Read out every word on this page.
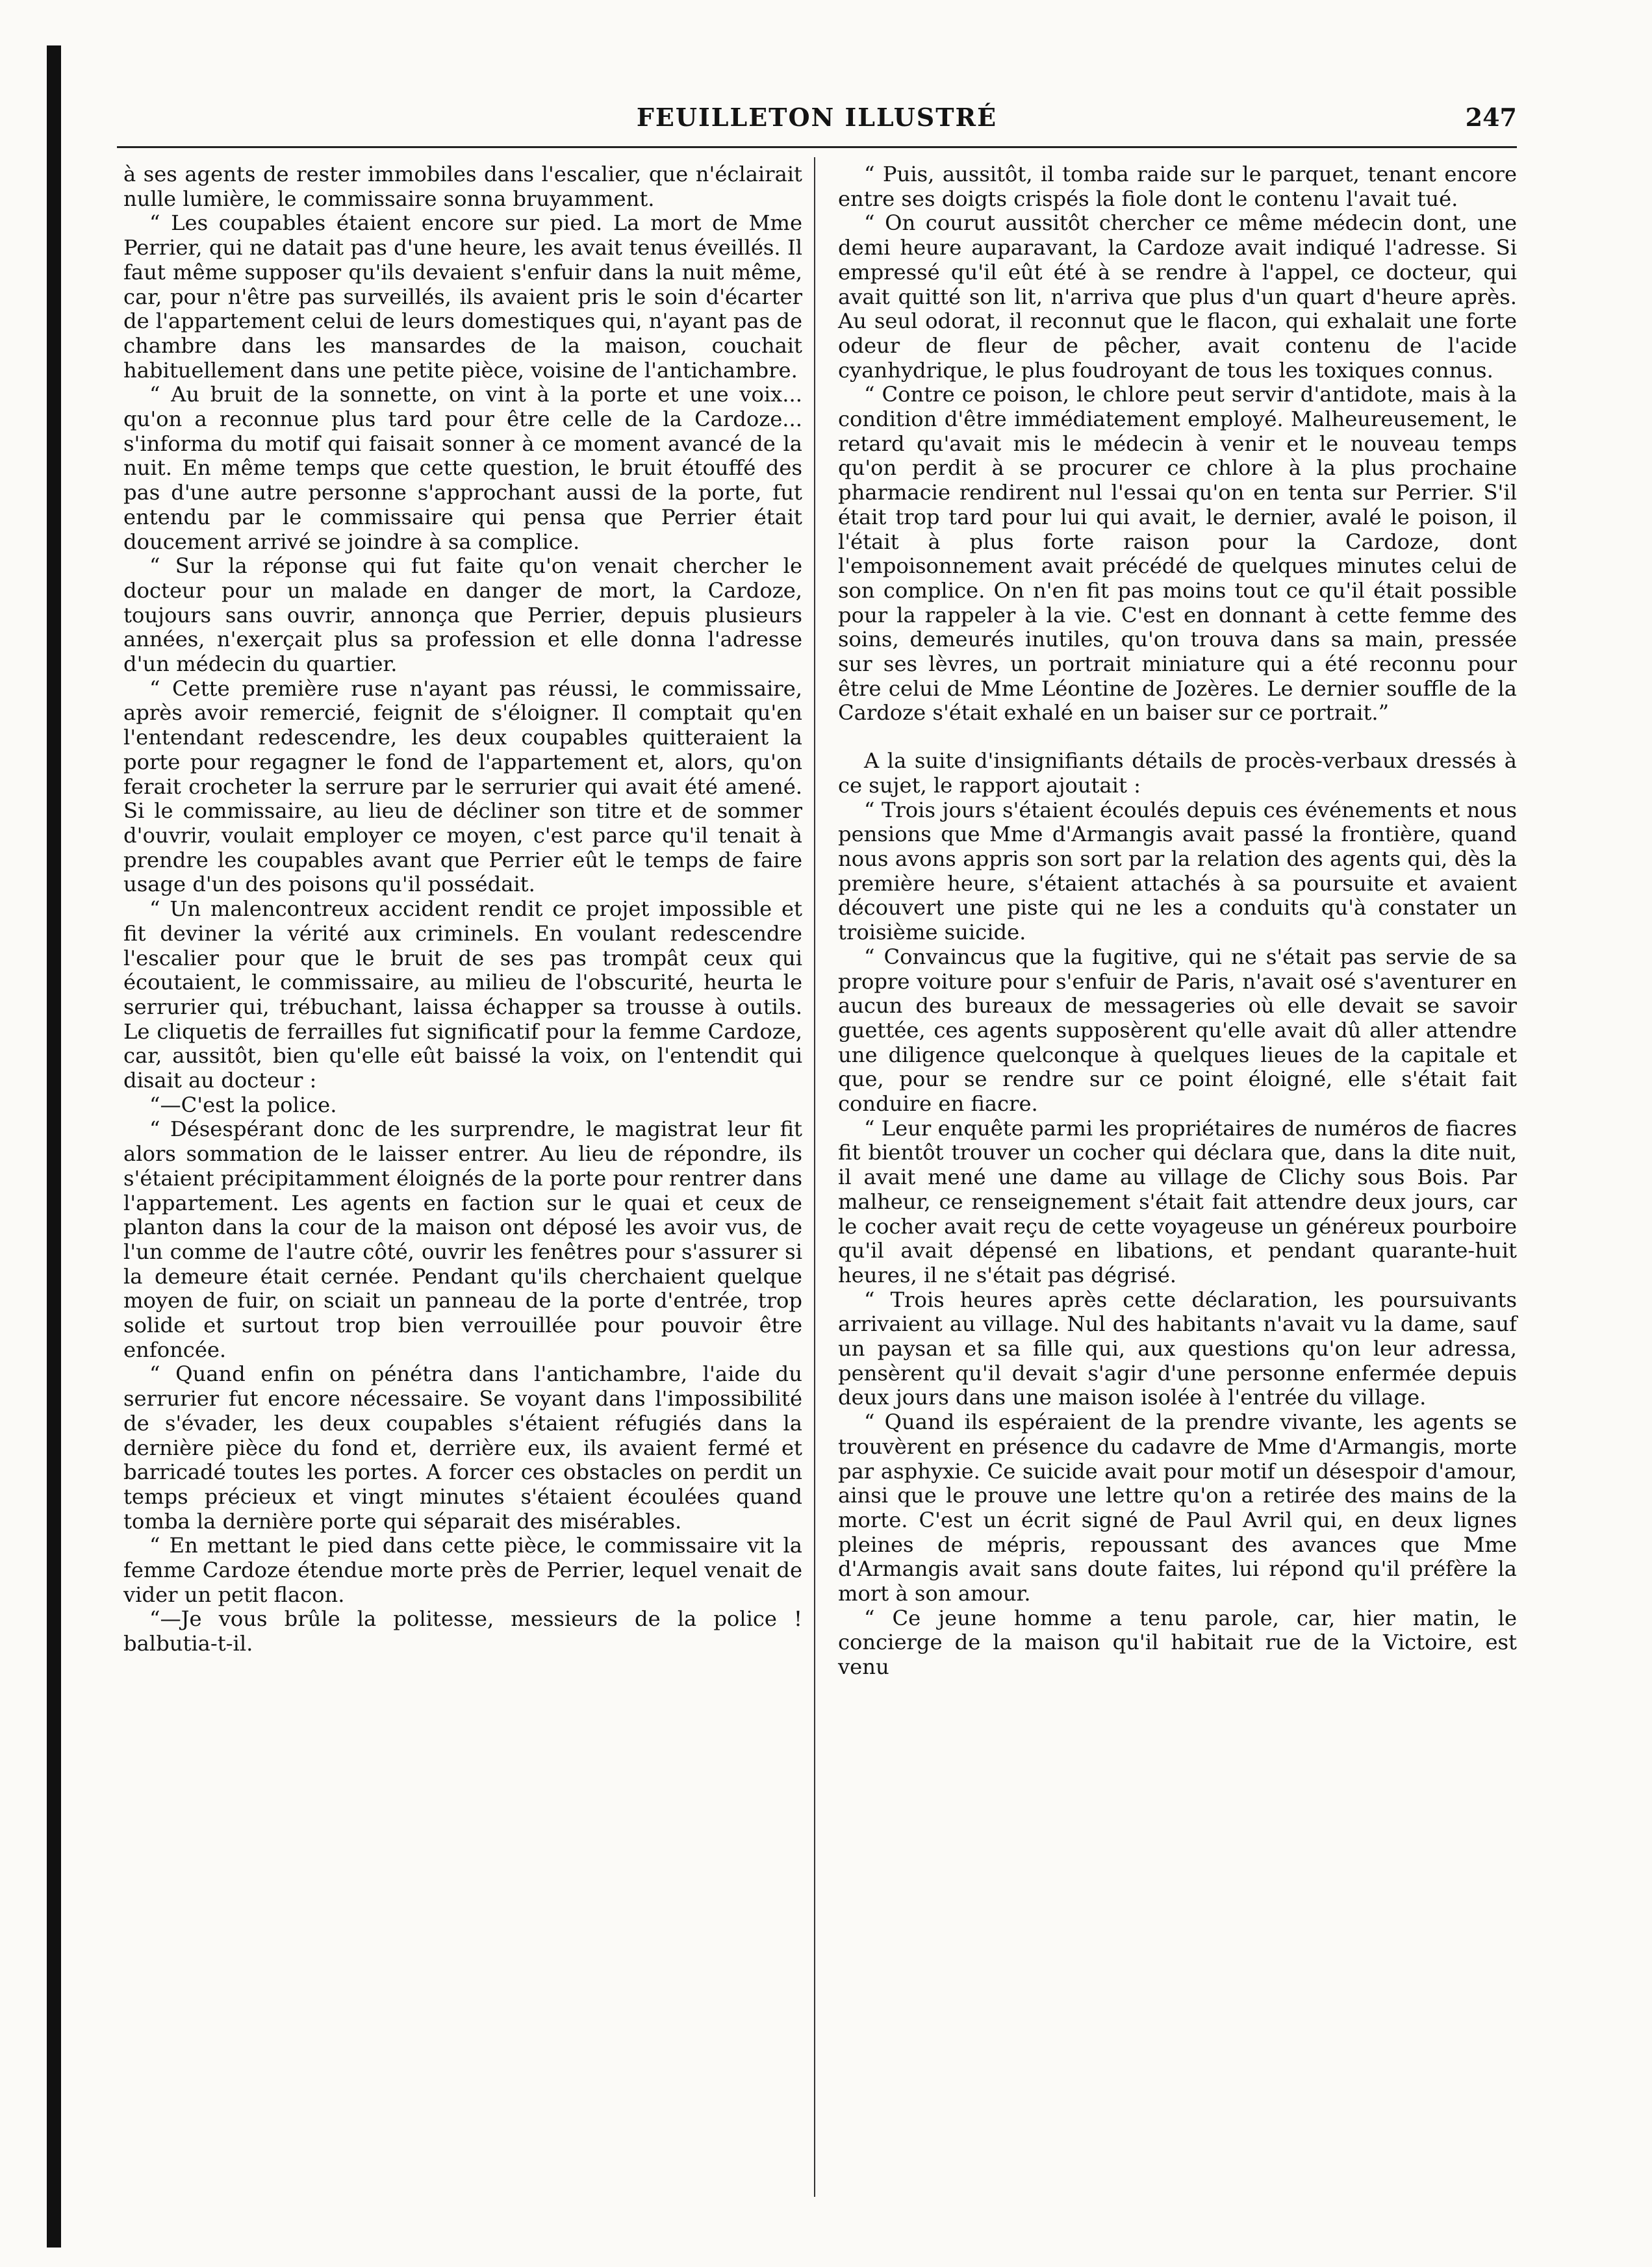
FEUILLETON ILLUSTRÉ	247

à ses agents de rester immobiles dans l'escalier, que n'éclairait nulle lumière, le commissaire sonna bruyamment.

“ Les coupables étaient encore sur pied. La mort de Mme Perrier, qui ne datait pas d'une heure, les avait tenus éveillés. Il faut même supposer qu'ils devaient s'enfuir dans la nuit même, car, pour n'être pas surveillés, ils avaient pris le soin d'écarter de l'appartement celui de leurs domestiques qui, n'ayant pas de chambre dans les mansardes de la maison, couchait habituellement dans une petite pièce, voisine de l'antichambre.

“ Au bruit de la sonnette, on vint à la porte et une voix... qu'on a reconnue plus tard pour être celle de la Cardoze... s'informa du motif qui faisait sonner à ce moment avancé de la nuit. En même temps que cette question, le bruit étouffé des pas d'une autre personne s'approchant aussi de la porte, fut entendu par le commissaire qui pensa que Perrier était doucement arrivé se joindre à sa complice.

“ Sur la réponse qui fut faite qu'on venait chercher le docteur pour un malade en danger de mort, la Cardoze, toujours sans ouvrir, annonça que Perrier, depuis plusieurs années, n'exerçait plus sa profession et elle donna l'adresse d'un médecin du quartier.

“ Cette première ruse n'ayant pas réussi, le commissaire, après avoir remercié, feignit de s'éloigner. Il comptait qu'en l'entendant redescendre, les deux coupables quitteraient la porte pour regagner le fond de l'appartement et, alors, qu'on ferait crocheter la serrure par le serrurier qui avait été amené. Si le commissaire, au lieu de décliner son titre et de sommer d'ouvrir, voulait employer ce moyen, c'est parce qu'il tenait à prendre les coupables avant que Perrier eût le temps de faire usage d'un des poisons qu'il possédait.

“ Un malencontreux accident rendit ce projet impossible et fit deviner la vérité aux criminels. En voulant redescendre l'escalier pour que le bruit de ses pas trompât ceux qui écoutaient, le commissaire, au milieu de l'obscurité, heurta le serrurier qui, trébuchant, laissa échapper sa trousse à outils. Le cliquetis de ferrailles fut significatif pour la femme Cardoze, car, aussitôt, bien qu'elle eût baissé la voix, on l'entendit qui disait au docteur :

“—C'est la police.

“ Désespérant donc de les surprendre, le magistrat leur fit alors sommation de le laisser entrer. Au lieu de répondre, ils s'étaient précipitamment éloignés de la porte pour rentrer dans l'appartement. Les agents en faction sur le quai et ceux de planton dans la cour de la maison ont déposé les avoir vus, de l'un comme de l'autre côté, ouvrir les fenêtres pour s'assurer si la demeure était cernée. Pendant qu'ils cherchaient quelque moyen de fuir, on sciait un panneau de la porte d'entrée, trop solide et surtout trop bien verrouillée pour pouvoir être enfoncée.

“ Quand enfin on pénétra dans l'antichambre, l'aide du serrurier fut encore nécessaire. Se voyant dans l'impossibilité de s'évader, les deux coupables s'étaient réfugiés dans la dernière pièce du fond et, derrière eux, ils avaient fermé et barricadé toutes les portes. A forcer ces obstacles on perdit un temps précieux et vingt minutes s'étaient écoulées quand tomba la dernière porte qui séparait des misérables.

“ En mettant le pied dans cette pièce, le commissaire vit la femme Cardoze étendue morte près de Perrier, lequel venait de vider un petit flacon.

“—Je vous brûle la politesse, messieurs de la police ! balbutia-t-il.

“ Puis, aussitôt, il tomba raide sur le parquet, tenant encore entre ses doigts crispés la fiole dont le contenu l'avait tué.

“ On courut aussitôt chercher ce même médecin dont, une demi heure auparavant, la Cardoze avait indiqué l'adresse. Si empressé qu'il eût été à se rendre à l'appel, ce docteur, qui avait quitté son lit, n'arriva que plus d'un quart d'heure après. Au seul odorat, il reconnut que le flacon, qui exhalait une forte odeur de fleur de pêcher, avait contenu de l'acide cyanhydrique, le plus foudroyant de tous les toxiques connus.

“ Contre ce poison, le chlore peut servir d'antidote, mais à la condition d'être immédiatement employé. Malheureusement, le retard qu'avait mis le médecin à venir et le nouveau temps qu'on perdit à se procurer ce chlore à la plus prochaine pharmacie rendirent nul l'essai qu'on en tenta sur Perrier. S'il était trop tard pour lui qui avait, le dernier, avalé le poison, il l'était à plus forte raison pour la Cardoze, dont l'empoisonnement avait précédé de quelques minutes celui de son complice. On n'en fit pas moins tout ce qu'il était possible pour la rappeler à la vie. C'est en donnant à cette femme des soins, demeurés inutiles, qu'on trouva dans sa main, pressée sur ses lèvres, un portrait miniature qui a été reconnu pour être celui de Mme Léontine de Jozères. Le dernier souffle de la Cardoze s'était exhalé en un baiser sur ce portrait.”

A la suite d'insignifiants détails de procès-verbaux dressés à ce sujet, le rapport ajoutait :

“ Trois jours s'étaient écoulés depuis ces événements et nous pensions que Mme d'Armangis avait passé la frontière, quand nous avons appris son sort par la relation des agents qui, dès la première heure, s'étaient attachés à sa poursuite et avaient découvert une piste qui ne les a conduits qu'à constater un troisième suicide.

“ Convaincus que la fugitive, qui ne s'était pas servie de sa propre voiture pour s'enfuir de Paris, n'avait osé s'aventurer en aucun des bureaux de messageries où elle devait se savoir guettée, ces agents supposèrent qu'elle avait dû aller attendre une diligence quelconque à quelques lieues de la capitale et que, pour se rendre sur ce point éloigné, elle s'était fait conduire en fiacre.

“ Leur enquête parmi les propriétaires de numéros de fiacres fit bientôt trouver un cocher qui déclara que, dans la dite nuit, il avait mené une dame au village de Clichy sous Bois. Par malheur, ce renseignement s'était fait attendre deux jours, car le cocher avait reçu de cette voyageuse un généreux pourboire qu'il avait dépensé en libations, et pendant quarante-huit heures, il ne s'était pas dégrisé.

“ Trois heures après cette déclaration, les poursuivants arrivaient au village. Nul des habitants n'avait vu la dame, sauf un paysan et sa fille qui, aux questions qu'on leur adressa, pensèrent qu'il devait s'agir d'une personne enfermée depuis deux jours dans une maison isolée à l'entrée du village.

“ Quand ils espéraient de la prendre vivante, les agents se trouvèrent en présence du cadavre de Mme d'Armangis, morte par asphyxie. Ce suicide avait pour motif un désespoir d'amour, ainsi que le prouve une lettre qu'on a retirée des mains de la morte. C'est un écrit signé de Paul Avril qui, en deux lignes pleines de mépris, repoussant des avances que Mme d'Armangis avait sans doute faites, lui répond qu'il préfère la mort à son amour.

“ Ce jeune homme a tenu parole, car, hier matin, le concierge de la maison qu'il habitait rue de la Victoire, est venu
